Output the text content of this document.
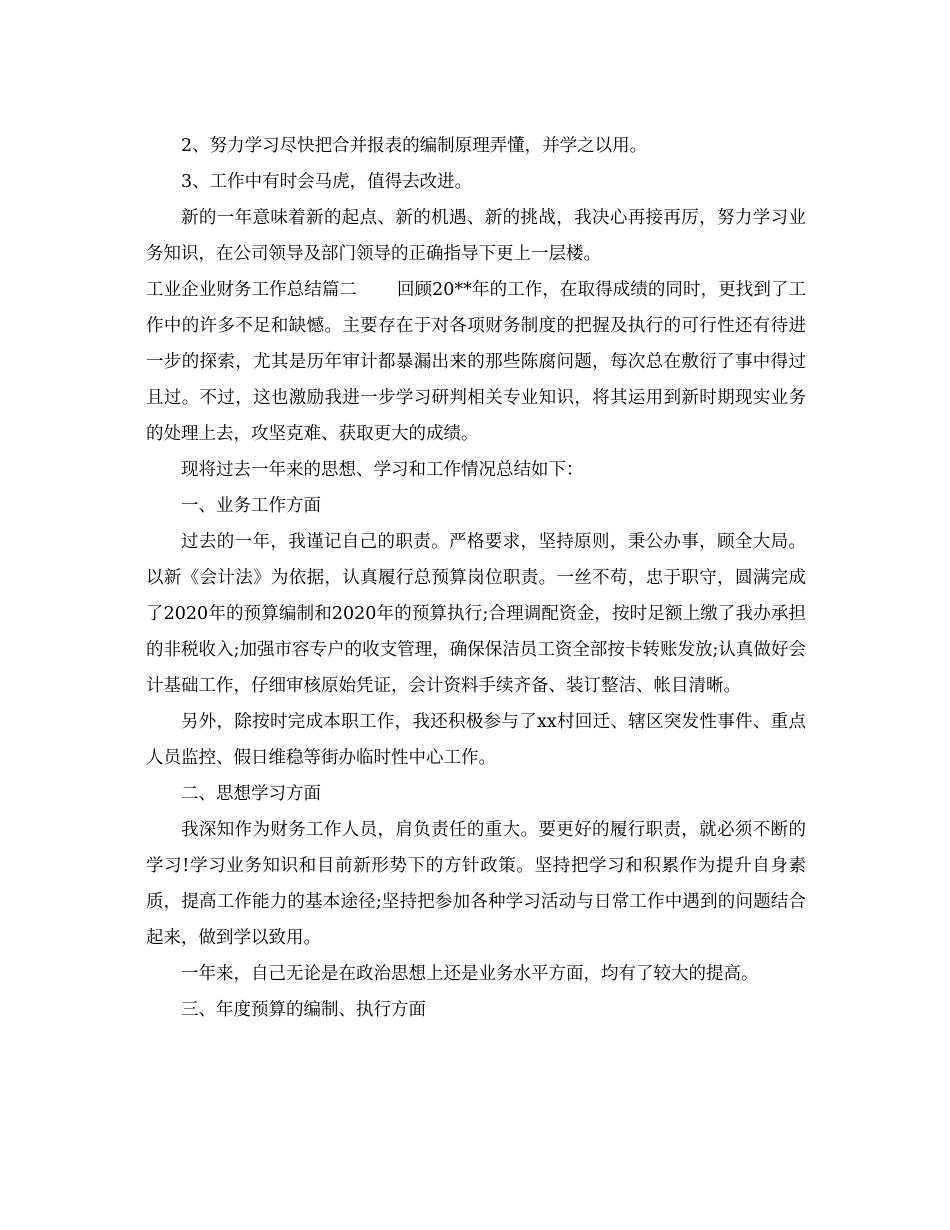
2、努力学习尽快把合并报表的编制原理弄懂，并学之以用。

3、工作中有时会马虎，值得去改进。

新的一年意味着新的起点、新的机遇、新的挑战，我决心再接再厉，努力学习业务知识，在公司领导及部门领导的正确指导下更上一层楼。

工业企业财务工作总结篇二 回顾20**年的工作，在取得成绩的同时，更找到了工作中的许多不足和缺憾。主要存在于对各项财务制度的把握及执行的可行性还有待进一步的探索，尤其是历年审计都暴漏出来的那些陈腐问题，每次总在敷衍了事中得过且过。不过，这也激励我进一步学习研判相关专业知识，将其运用到新时期现实业务的处理上去，攻坚克难、获取更大的成绩。

现将过去一年来的思想、学习和工作情况总结如下：

一、业务工作方面

过去的一年，我谨记自己的职责。严格要求，坚持原则，秉公办事，顾全大局。以新《会计法》为依据，认真履行总预算岗位职责。一丝不苟，忠于职守，圆满完成了2020年的预算编制和2020年的预算执行;合理调配资金，按时足额上缴了我办承担的非税收入;加强市容专户的收支管理，确保保洁员工资全部按卡转账发放;认真做好会计基础工作，仔细审核原始凭证，会计资料手续齐备、装订整洁、帐目清晰。

另外，除按时完成本职工作，我还积极参与了xx村回迁、辖区突发性事件、重点人员监控、假日维稳等街办临时性中心工作。

二、思想学习方面

我深知作为财务工作人员，肩负责任的重大。要更好的履行职责，就必须不断的学习!学习业务知识和目前新形势下的方针政策。坚持把学习和积累作为提升自身素质，提高工作能力的基本途径;坚持把参加各种学习活动与日常工作中遇到的问题结合起来，做到学以致用。

一年来，自己无论是在政治思想上还是业务水平方面，均有了较大的提高。

三、年度预算的编制、执行方面
